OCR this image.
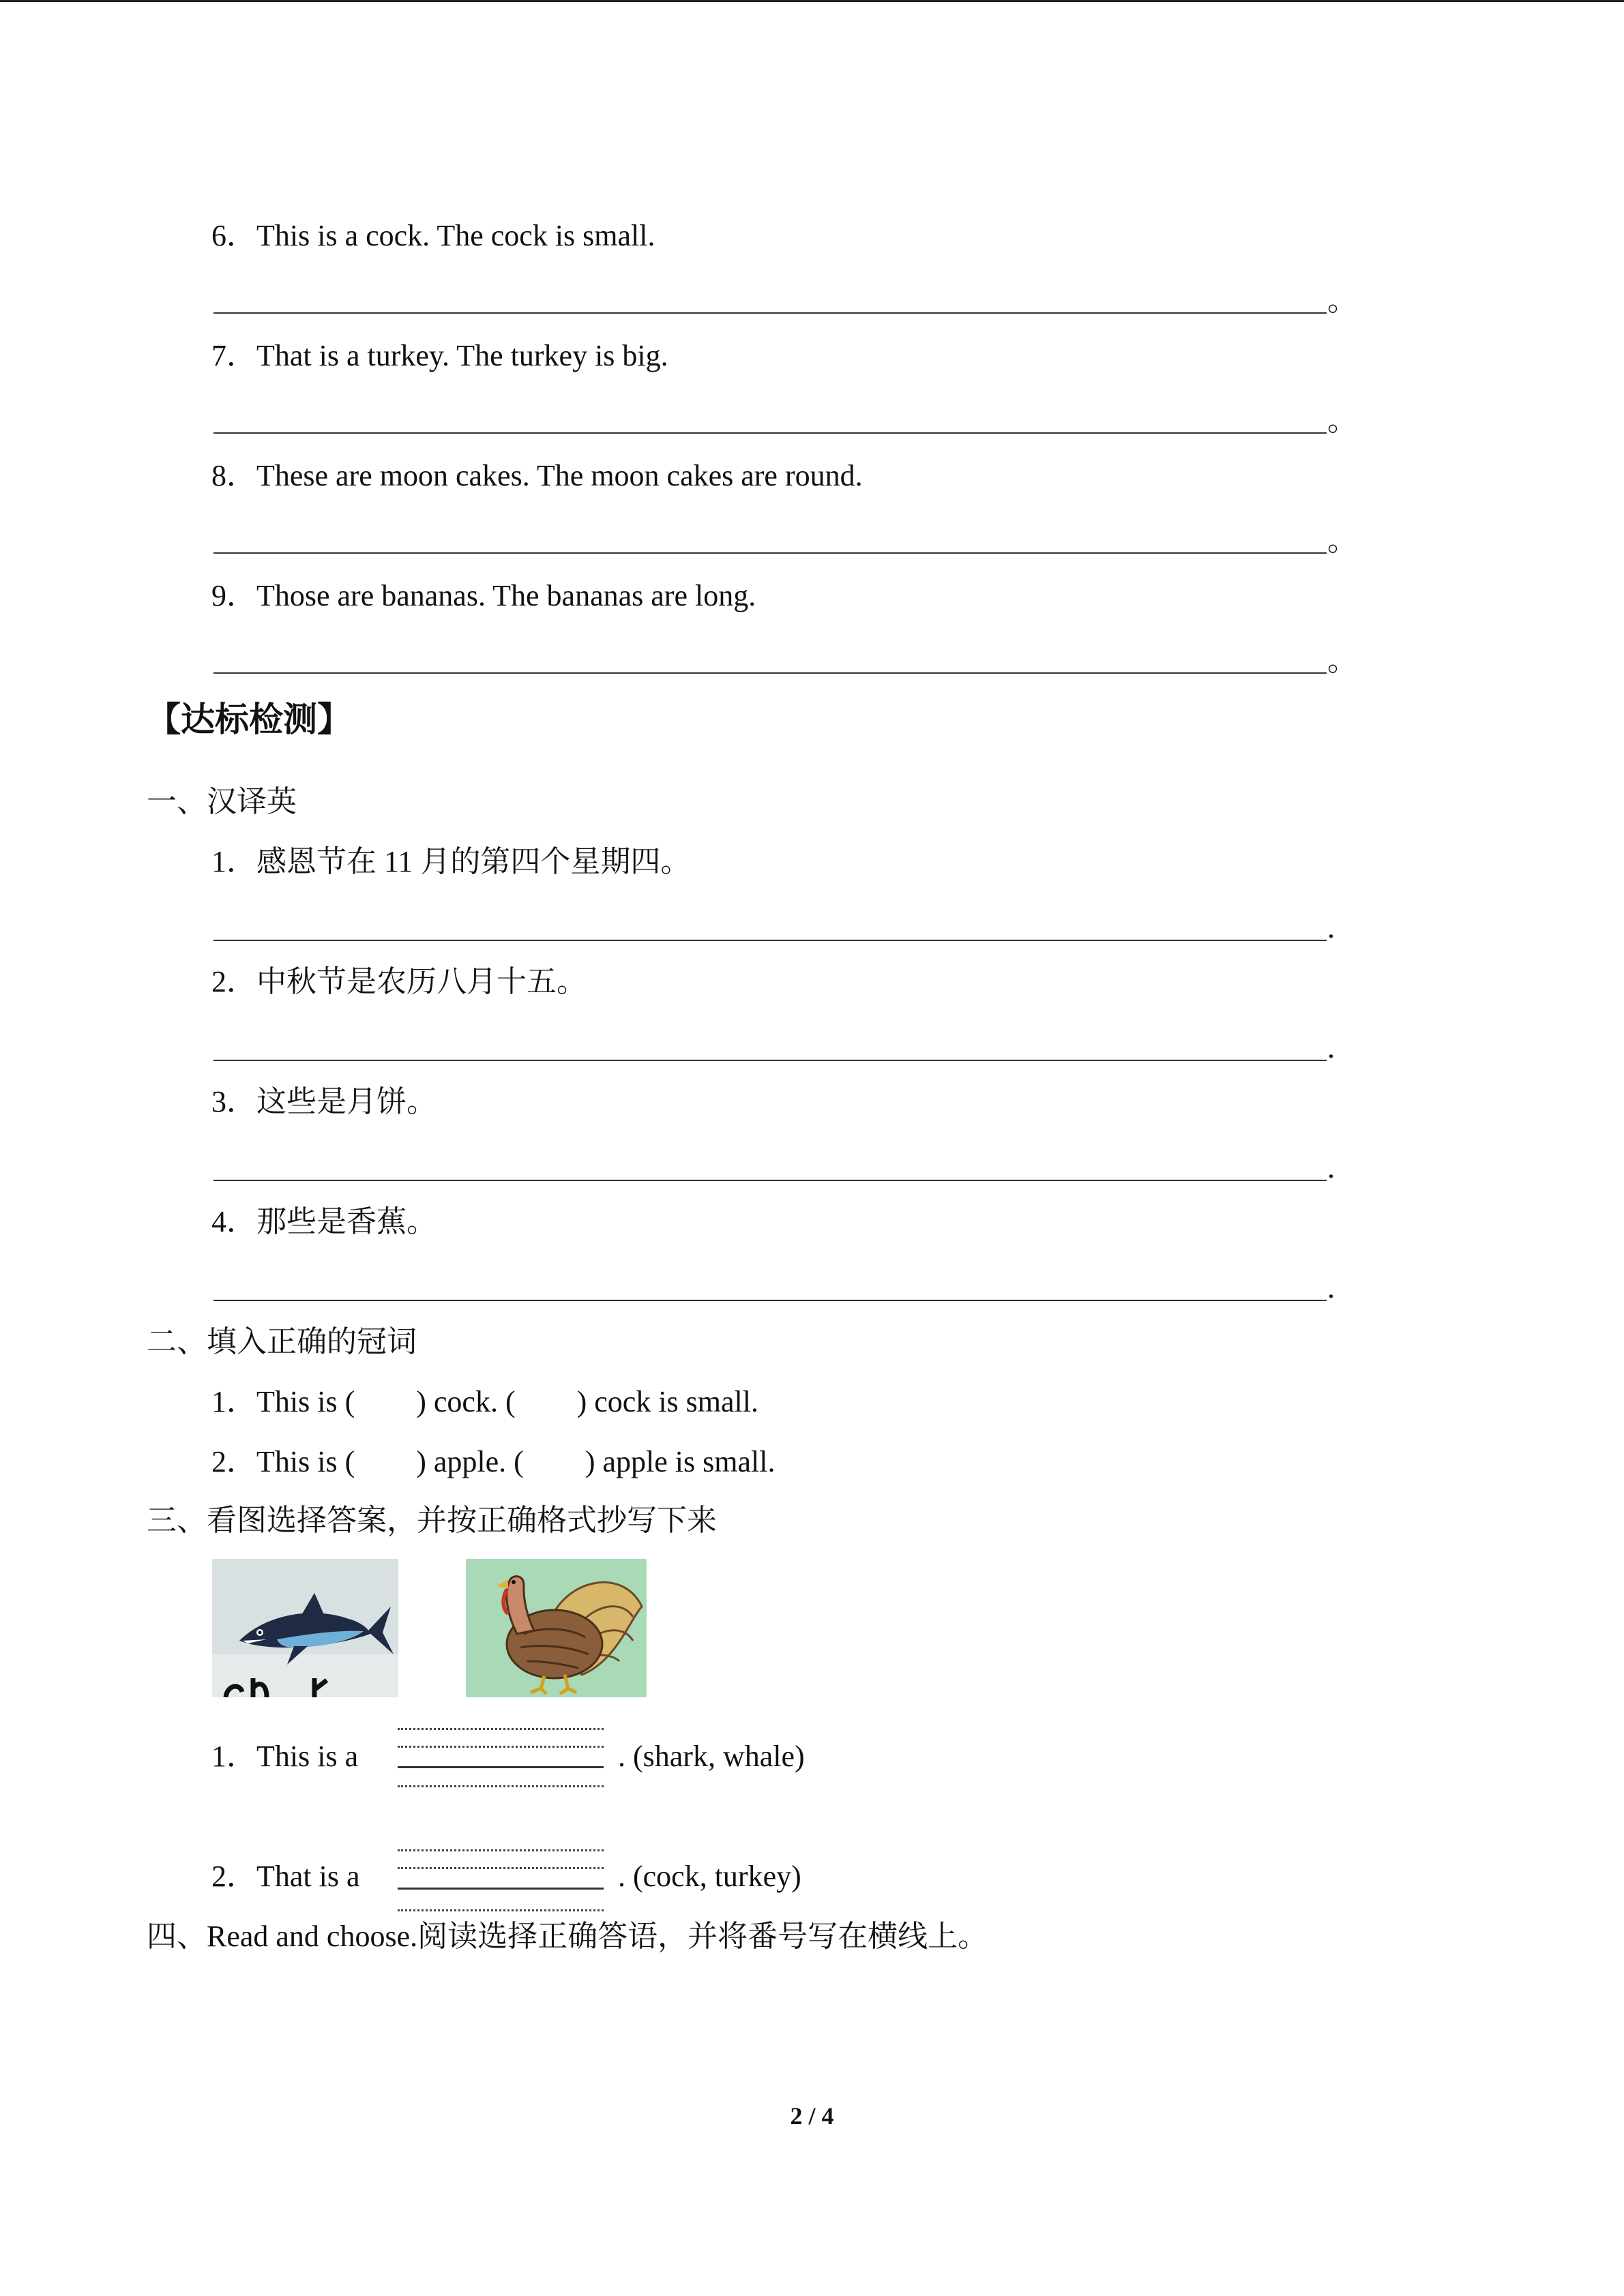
6．This is a cock. The cock is small.
。
7．That is a turkey. The turkey is big.
。
8．These are moon cakes. The moon cakes are round.
。
9．Those are bananas. The bananas are long.
。
【达标检测】
一、汉译英
1．感恩节在 11 月的第四个星期四。
.
2．中秋节是农历八月十五。
.
3．这些是月饼。
.
4．那些是香蕉。
.
二、填入正确的冠词
1．This is ( ) cock. ( ) cock is small.
2．This is ( ) apple. ( ) apple is small.
三、看图选择答案，并按正确格式抄写下来
1．This is a	. (shark, whale)
2．That is a	. (cock, turkey)
四、Read and choose.阅读选择正确答语，并将番号写在横线上。
2 / 4
